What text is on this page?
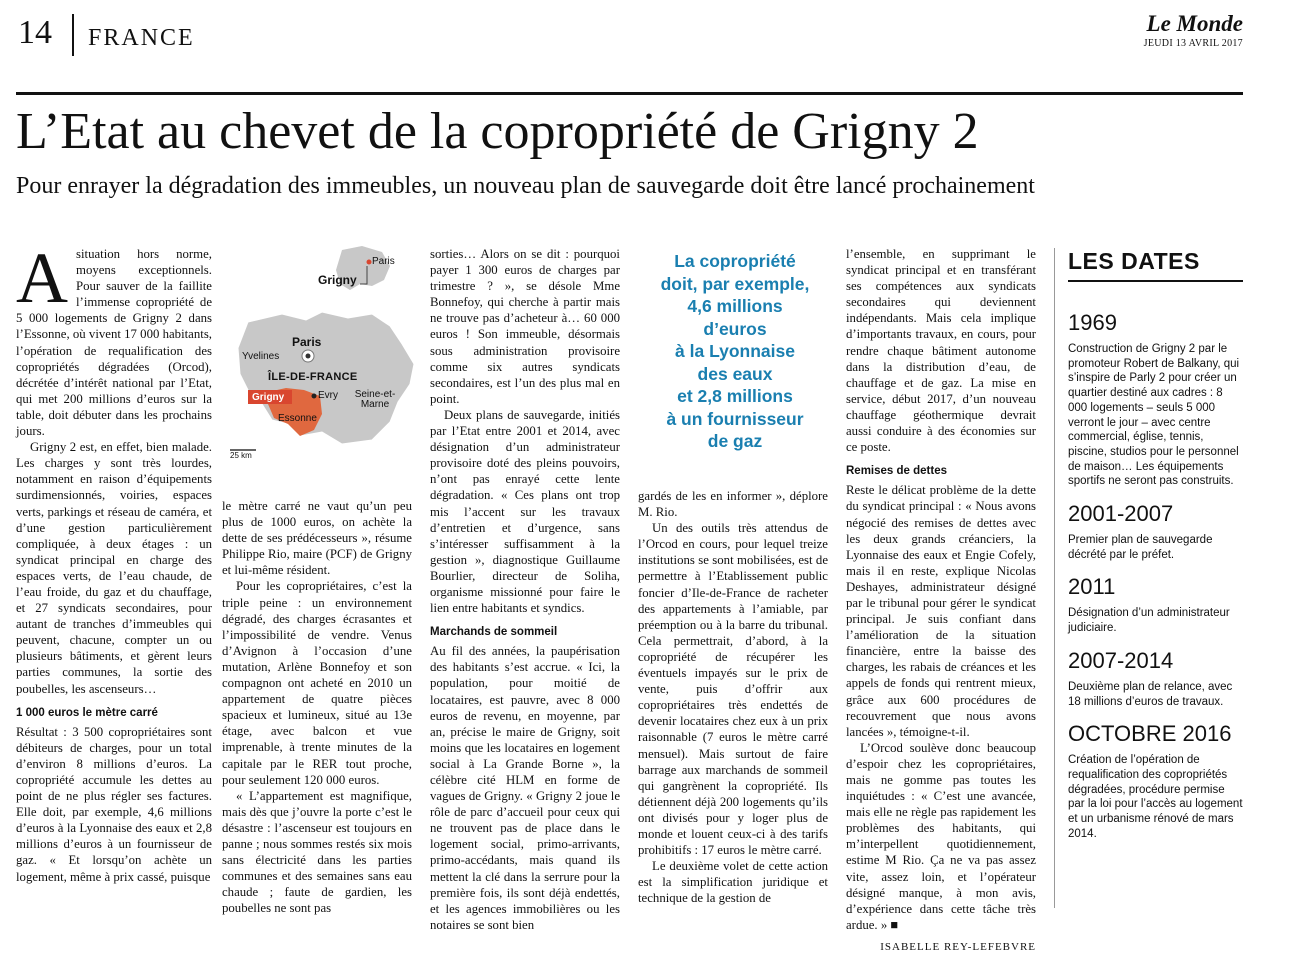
14 FRANCE
Le Monde
JEUDI 13 AVRIL 2017
L’Etat au chevet de la copropriété de Grigny 2
Pour enrayer la dégradation des immeubles, un nouveau plan de sauvegarde doit être lancé prochainement
A situation hors norme, moyens exceptionnels. Pour sauver de la faillite l’immense copropriété de 5 000 logements de Grigny 2 dans l’Essonne, où vivent 17 000 habitants, l’opération de requalification des copropriétés dégradées (Orcod), décrétée d’intérêt national par l’Etat, qui met 200 millions d’euros sur la table, doit débuter dans les prochains jours.

Grigny 2 est, en effet, bien malade. Les charges y sont très lourdes, notamment en raison d’équipements surdimensionnés, voiries, espaces verts, parkings et réseau de caméra, et d’une gestion particulièrement compliquée, à deux étages : un syndicat principal en charge des espaces verts, de l’eau chaude, de l’eau froide, du gaz et du chauffage, et 27 syndicats secondaires, pour autant de tranches d’immeubles qui peuvent, chacune, compter un ou plusieurs bâtiments, et gèrent leurs parties communes, la sortie des poubelles, les ascenseurs…

1 000 euros le mètre carré

Résultat : 3 500 copropriétaires sont débiteurs de charges, pour un total d’environ 8 millions d’euros. La copropriété accumule les dettes au point de ne plus régler ses factures. Elle doit, par exemple, 4,6 millions d’euros à la Lyonnaise des eaux et 2,8 millions d’euros à un fournisseur de gaz. « Et lorsqu’on achète un logement, même à prix cassé, puisque

Paris
Grigny
Paris
Yvelines
ÎLE-DE-FRANCE
Grigny	Evry	Seine-et-Marne
Essonne
25 km

le mètre carré ne vaut qu’un peu plus de 1000 euros, on achète la dette de ses prédécesseurs », résume Philippe Rio, maire (PCF) de Grigny et lui-même résident.

Pour les copropriétaires, c’est la triple peine : un environnement dégradé, des charges écrasantes et l’impossibilité de vendre. Venus d’Avignon à l’occasion d’une mutation, Arlène Bonnefoy et son compagnon ont acheté en 2010 un appartement de quatre pièces spacieux et lumineux, situé au 13e étage, avec balcon et vue imprenable, à trente minutes de la capitale par le RER tout proche, pour seulement 120 000 euros.

« L’appartement est magnifique, mais dès que j’ouvre la porte c’est le désastre : l’ascenseur est toujours en panne ; nous sommes restés six mois sans électricité dans les parties communes et des semaines sans eau chaude ; faute de gardien, les poubelles ne sont pas

sorties… Alors on se dit : pourquoi payer 1 300 euros de charges par trimestre ? », se désole Mme Bonnefoy, qui cherche à partir mais ne trouve pas d’acheteur à… 60 000 euros ! Son immeuble, désormais sous administration provisoire comme six autres syndicats secondaires, est l’un des plus mal en point.

Deux plans de sauvegarde, initiés par l’Etat entre 2001 et 2014, avec désignation d’un administrateur provisoire doté des pleins pouvoirs, n’ont pas enrayé cette lente dégradation. « Ces plans ont trop mis l’accent sur les travaux d’entretien et d’urgence, sans s’intéresser suffisamment à la gestion », diagnostique Guillaume Bourlier, directeur de Soliha, organisme missionné pour faire le lien entre habitants et syndics.

Marchands de sommeil

Au fil des années, la paupérisation des habitants s’est accrue. « Ici, la population, pour moitié de locataires, est pauvre, avec 8 000 euros de revenu, en moyenne, par an, précise le maire de Grigny, soit moins que les locataires en logement social à La Grande Borne », la célèbre cité HLM en forme de vagues de Grigny. « Grigny 2 joue le rôle de parc d’accueil pour ceux qui ne trouvent pas de place dans le logement social, primo-arrivants, primo-accédants, mais quand ils mettent la clé dans la serrure pour la première fois, ils sont déjà endettés, et les agences immobilières ou les notaires se sont bien

La copropriété
doit, par exemple,
4,6 millions
d’euros
à la Lyonnaise
des eaux
et 2,8 millions
à un fournisseur
de gaz

gardés de les en informer », déplore M. Rio.

Un des outils très attendus de l’Orcod en cours, pour lequel treize institutions se sont mobilisées, est de permettre à l’Etablissement public foncier d’Ile-de-France de racheter des appartements à l’amiable, par préemption ou à la barre du tribunal. Cela permettrait, d’abord, à la copropriété de récupérer les éventuels impayés sur le prix de vente, puis d’offrir aux copropriétaires très endettés de devenir locataires chez eux à un prix raisonnable (7 euros le mètre carré mensuel). Mais surtout de faire barrage aux marchands de sommeil qui gangrènent la copropriété. Ils détiennent déjà 200 logements qu’ils ont divisés pour y loger plus de monde et louent ceux-ci à des tarifs prohibitifs : 17 euros le mètre carré.

Le deuxième volet de cette action est la simplification juridique et technique de la gestion de

l’ensemble, en supprimant le syndicat principal et en transférant ses compétences aux syndicats secondaires qui deviennent indépendants. Mais cela implique d’importants travaux, en cours, pour rendre chaque bâtiment autonome dans la distribution d’eau, de chauffage et de gaz. La mise en service, début 2017, d’un nouveau chauffage géothermique devrait aussi conduire à des économies sur ce poste.

Remises de dettes

Reste le délicat problème de la dette du syndicat principal : « Nous avons négocié des remises de dettes avec les deux grands créanciers, la Lyonnaise des eaux et Engie Cofely, mais il en reste, explique Nicolas Deshayes, administrateur désigné par le tribunal pour gérer le syndicat principal. Je suis confiant dans l’amélioration de la situation financière, entre la baisse des charges, les rabais de créances et les appels de fonds qui rentrent mieux, grâce aux 600 procédures de recouvrement que nous avons lancées », témoigne-t-il.

L’Orcod soulève donc beaucoup d’espoir chez les copropriétaires, mais ne gomme pas toutes les inquiétudes : « C’est une avancée, mais elle ne règle pas rapidement les problèmes des habitants, qui m’interpellent quotidiennement, estime M Rio. Ça ne va pas assez vite, assez loin, et l’opérateur désigné manque, à mon avis, d’expérience dans cette tâche très ardue. » ■

ISABELLE REY-LEFEBVRE
LES DATES
1969
Construction de Grigny 2 par le promoteur Robert de Balkany, qui s’inspire de Parly 2 pour créer un quartier destiné aux cadres : 8 000 logements – seuls 5 000 verront le jour – avec centre commercial, église, tennis, piscine, studios pour le personnel de maison… Les équipements sportifs ne seront pas construits.
2001-2007
Premier plan de sauvegarde décrété par le préfet.
2011
Désignation d’un administrateur judiciaire.
2007-2014
Deuxième plan de relance, avec 18 millions d’euros de travaux.
OCTOBRE 2016
Création de l’opération de requalification des copropriétés dégradées, procédure permise par la loi pour l’accès au logement et un urbanisme rénové de mars 2014.
